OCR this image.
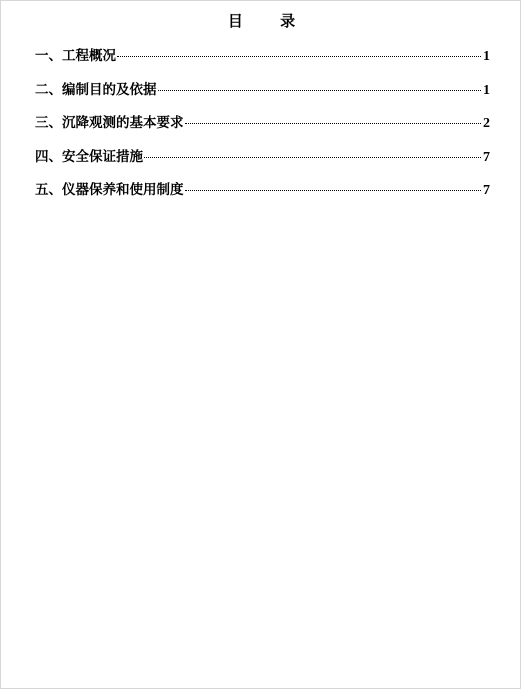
目 录
一、工程概况	1
二、编制目的及依据	1
三、沉降观测的基本要求	2
四、安全保证措施	7
五、仪器保养和使用制度	7
